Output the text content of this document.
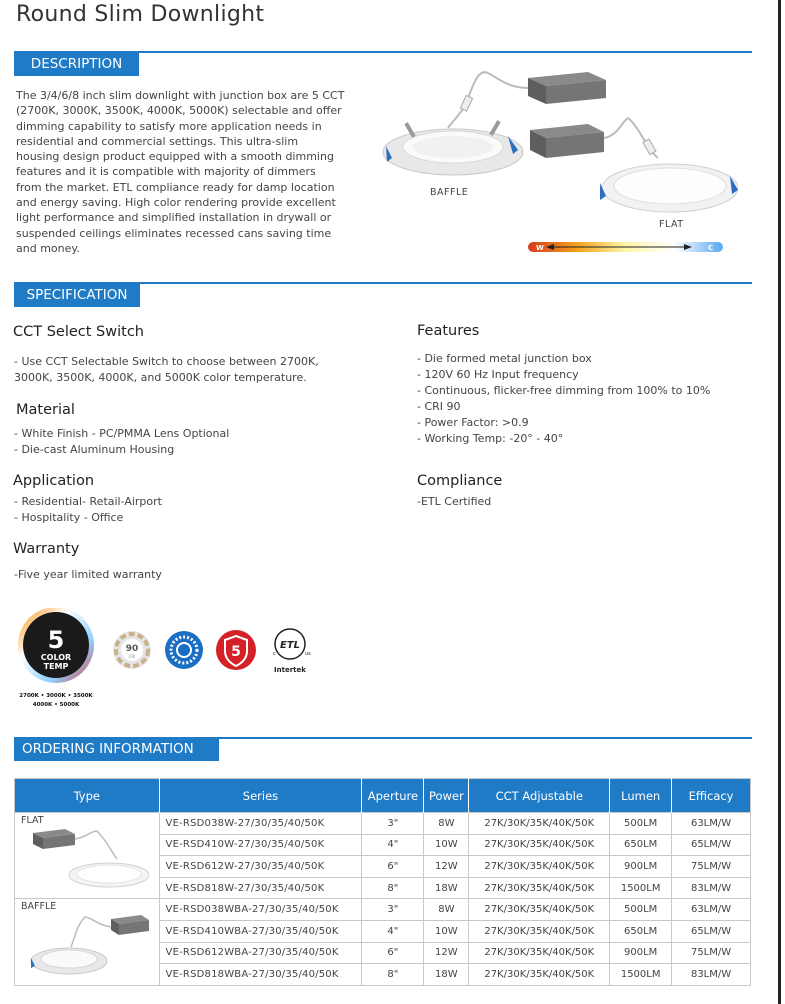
Round Slim Downlight
DESCRIPTION
The 3/4/6/8 inch slim downlight with junction box are 5 CCT
(2700K, 3000K, 3500K, 4000K, 5000K) selectable and offer
dimming capability to satisfy more application needs in
residential and commercial settings. This ultra-slim
housing design product equipped with a smooth dimming
features and it is compatible with majority of dimmers
from the market. ETL compliance ready for damp location
and energy saving. High color rendering provide excellent
light performance and simplified installation in drywall or
suspended ceilings eliminates recessed cans saving time
and money.	W	C
BAFFLE
FLAT
SPECIFICATION
CCT Select Switch
- Use CCT Selectable Switch to choose between 2700K,
3000K, 3500K, 4000K, and 5000K color temperature.
Material
- White Finish - PC/PMMA Lens Optional
- Die-cast Aluminum Housing
Application
- Residential- Retail-Airport
- Hospitality - Office
Warranty
-Five year limited warranty
Features
- Die formed metal junction box
- 120V 60 Hz Input frequency
- Continuous, flicker-free dimming from 100% to 10%
- CRI 90
- Power Factor: >0.9
- Working Temp: -20° - 40°
Compliance
-ETL Certified
5
COLOR
TEMP
2700K • 3000K • 3500K
4000K • 5000K
90
CRI	5	ETL
c	us
Intertek
ORDERING INFORMATION
Type	Series	Aperture	Power	CCT Adjustable	Lumen	Efficacy
FLAT	VE-RSD038W-27/30/35/40/50K	3"	8W	27K/30K/35K/40K/50K	500LM	63LM/W
	VE-RSD410W-27/30/35/40/50K	4"	10W	27K/30K/35K/40K/50K	650LM	65LM/W
	VE-RSD612W-27/30/35/40/50K	6"	12W	27K/30K/35K/40K/50K	900LM	75LM/W
	VE-RSD818W-27/30/35/40/50K	8"	18W	27K/30K/35K/40K/50K	1500LM	83LM/W
BAFFLE	VE-RSD038WBA-27/30/35/40/50K	3"	8W	27K/30K/35K/40K/50K	500LM	63LM/W
	VE-RSD410WBA-27/30/35/40/50K	4"	10W	27K/30K/35K/40K/50K	650LM	65LM/W
	VE-RSD612WBA-27/30/35/40/50K	6"	12W	27K/30K/35K/40K/50K	900LM	75LM/W
	VE-RSD818WBA-27/30/35/40/50K	8"	18W	27K/30K/35K/40K/50K	1500LM	83LM/W
